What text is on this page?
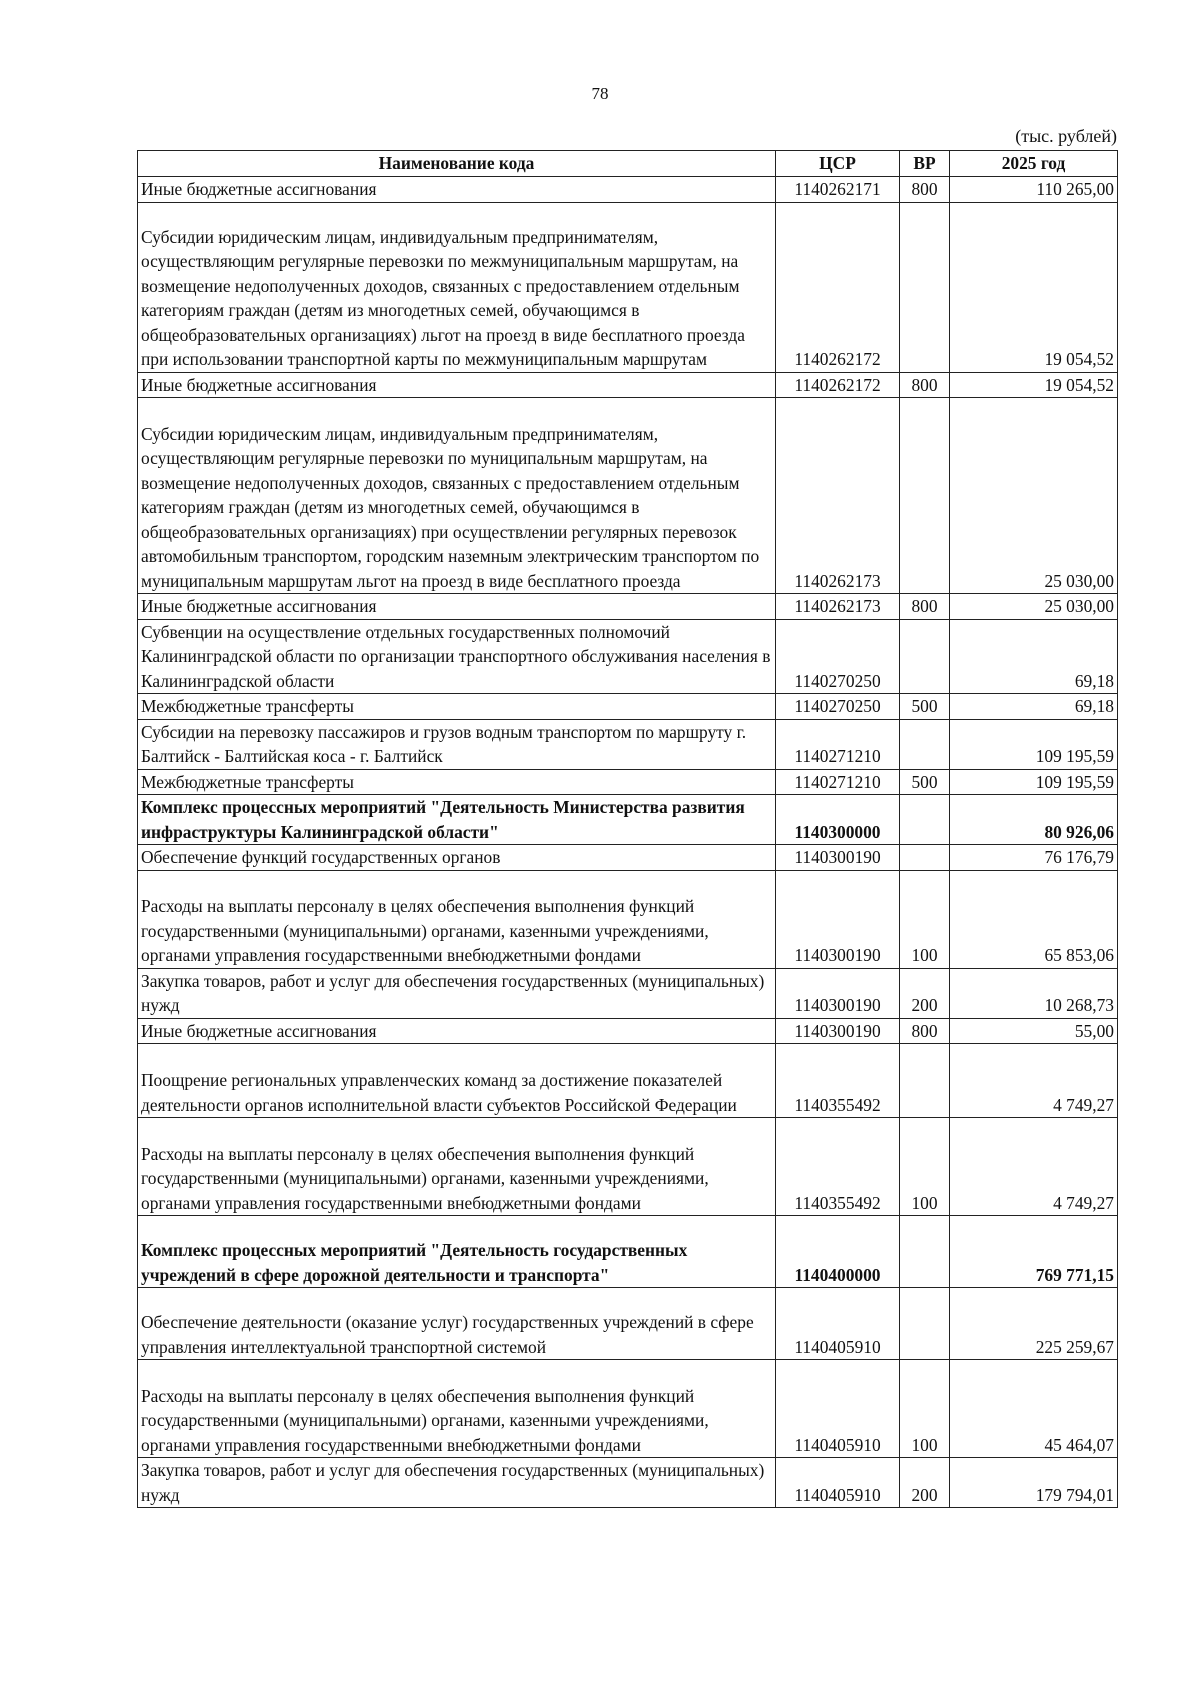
78
(тыс. рублей)
Наименование кода	ЦСР	ВР	2025 год
Иные бюджетные ассигнования	1140262171	800	110 265,00
Субсидии юридическим лицам, индивидуальным предпринимателям, осуществляющим регулярные перевозки по межмуниципальным маршрутам, на возмещение недополученных доходов, связанных с предоставлением отдельным категориям граждан (детям из многодетных семей, обучающимся в общеобразовательных организациях) льгот на проезд в виде бесплатного проезда при использовании транспортной карты по межмуниципальным маршрутам	1140262172		19 054,52
Иные бюджетные ассигнования	1140262172	800	19 054,52
Субсидии юридическим лицам, индивидуальным предпринимателям, осуществляющим регулярные перевозки по муниципальным маршрутам, на возмещение недополученных доходов, связанных с предоставлением отдельным категориям граждан (детям из многодетных семей, обучающимся в общеобразовательных организациях) при осуществлении регулярных перевозок автомобильным транспортом, городским наземным электрическим транспортом по муниципальным маршрутам льгот на проезд в виде бесплатного проезда	1140262173		25 030,00
Иные бюджетные ассигнования	1140262173	800	25 030,00
Субвенции на осуществление отдельных государственных полномочий Калининградской области по организации транспортного обслуживания населения в Калининградской области	1140270250		69,18
Межбюджетные трансферты	1140270250	500	69,18
Субсидии на перевозку пассажиров и грузов водным транспортом по маршруту г. Балтийск - Балтийская коса - г. Балтийск	1140271210		109 195,59
Межбюджетные трансферты	1140271210	500	109 195,59
Комплекс процессных мероприятий "Деятельность Министерства развития инфраструктуры Калининградской области"	1140300000		80 926,06
Обеспечение функций государственных органов	1140300190		76 176,79
Расходы на выплаты персоналу в целях обеспечения выполнения функций государственными (муниципальными) органами, казенными учреждениями, органами управления государственными внебюджетными фондами	1140300190	100	65 853,06
Закупка товаров, работ и услуг для обеспечения государственных (муниципальных) нужд	1140300190	200	10 268,73
Иные бюджетные ассигнования	1140300190	800	55,00
Поощрение региональных управленческих команд за достижение показателей деятельности органов исполнительной власти субъектов Российской Федерации	1140355492		4 749,27
Расходы на выплаты персоналу в целях обеспечения выполнения функций государственными (муниципальными) органами, казенными учреждениями, органами управления государственными внебюджетными фондами	1140355492	100	4 749,27
Комплекс процессных мероприятий "Деятельность государственных учреждений в сфере дорожной деятельности и транспорта"	1140400000		769 771,15
Обеспечение деятельности (оказание услуг) государственных учреждений в сфере управления интеллектуальной транспортной системой	1140405910		225 259,67
Расходы на выплаты персоналу в целях обеспечения выполнения функций государственными (муниципальными) органами, казенными учреждениями, органами управления государственными внебюджетными фондами	1140405910	100	45 464,07
Закупка товаров, работ и услуг для обеспечения государственных (муниципальных) нужд	1140405910	200	179 794,01
